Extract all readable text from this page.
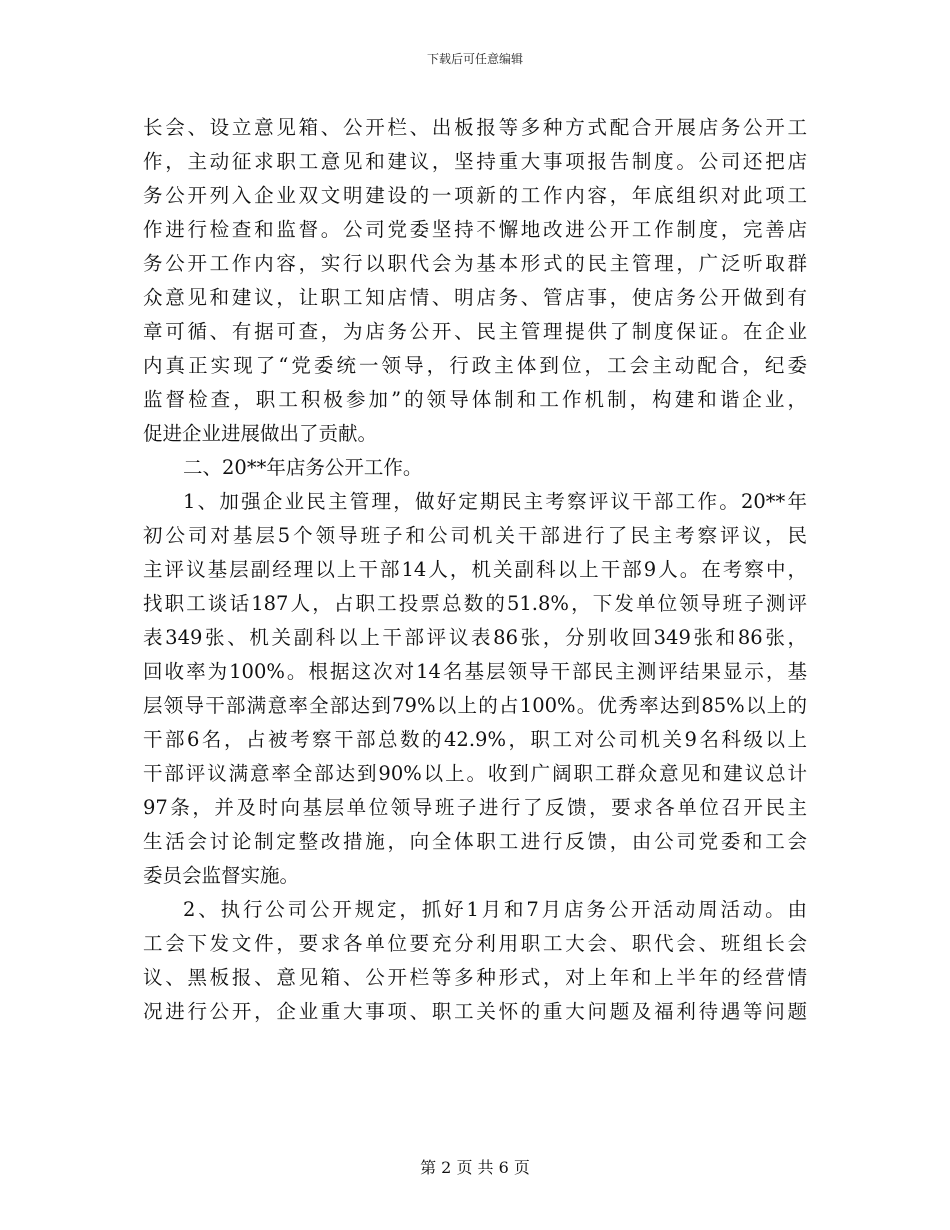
下载后可任意编辑
长会、设立意见箱、公开栏、出板报等多种方式配合开展店务公开工
作，主动征求职工意见和建议，坚持重大事项报告制度。公司还把店
务公开列入企业双文明建设的一项新的工作内容，年底组织对此项工
作进行检查和监督。公司党委坚持不懈地改进公开工作制度，完善店
务公开工作内容，实行以职代会为基本形式的民主管理，广泛听取群
众意见和建议，让职工知店情、明店务、管店事，使店务公开做到有
章可循、有据可查，为店务公开、民主管理提供了制度保证。在企业
内真正实现了“党委统一领导，行政主体到位，工会主动配合，纪委
监督检查，职工积极参加”的领导体制和工作机制，构建和谐企业，
促进企业进展做出了贡献。
二、20**年店务公开工作。
1、加强企业民主管理，做好定期民主考察评议干部工作。20**年
初公司对基层5个领导班子和公司机关干部进行了民主考察评议，民
主评议基层副经理以上干部14人，机关副科以上干部9人。在考察中，
找职工谈话187人，占职工投票总数的51.8%，下发单位领导班子测评
表349张、机关副科以上干部评议表86张，分别收回349张和86张，
回收率为100%。根据这次对14名基层领导干部民主测评结果显示，基
层领导干部满意率全部达到79%以上的占100%。优秀率达到85%以上的
干部6名，占被考察干部总数的42.9%，职工对公司机关9名科级以上
干部评议满意率全部达到90%以上。收到广阔职工群众意见和建议总计
97条，并及时向基层单位领导班子进行了反馈，要求各单位召开民主
生活会讨论制定整改措施，向全体职工进行反馈，由公司党委和工会
委员会监督实施。
2、执行公司公开规定，抓好1月和7月店务公开活动周活动。由
工会下发文件，要求各单位要充分利用职工大会、职代会、班组长会
议、黑板报、意见箱、公开栏等多种形式，对上年和上半年的经营情
况进行公开，企业重大事项、职工关怀的重大问题及福利待遇等问题
第 2 页 共 6 页
